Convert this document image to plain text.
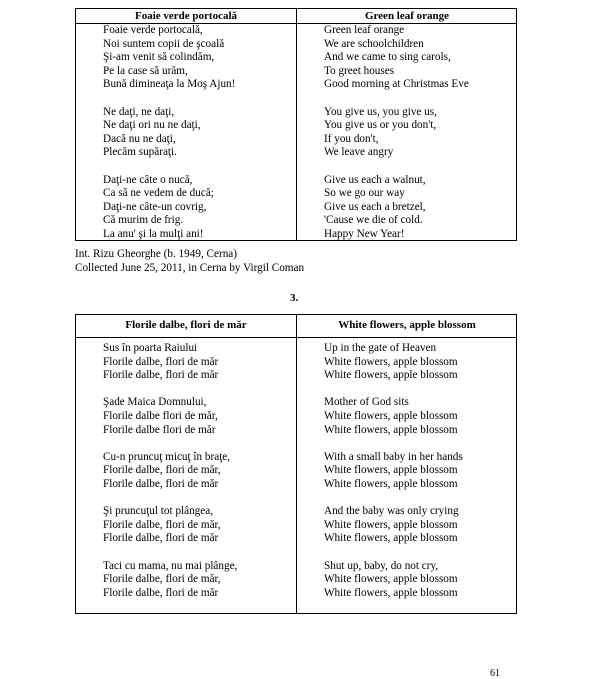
Foaie verde portocală	Green leaf orange
Foaie verde portocală,
Noi suntem copii de şcoală
Şi-am venit să colindăm,
Pe la case să urăm,
Bună dimineaţa la Moş Ajun!
Ne daţi, ne daţi,
Ne daţi ori nu ne daţi,
Dacă nu ne daţi,
Plecăm supăraţi.
Daţi-ne câte o nucă,
Ca să ne vedem de ducă;
Daţi-ne câte-un covrig,
Că murim de frig.
La anu' şi la mulţi ani!
Green leaf orange
We are schoolchildren
And we came to sing carols,
To greet houses
Good morning at Christmas Eve
You give us, you give us,
You give us or you don't,
If you don't,
We leave angry
Give us each a walnut,
So we go our way
Give us each a bretzel,
'Cause we die of cold.
Happy New Year!
Int. Rizu Gheorghe (b. 1949, Cerna)
Collected June 25, 2011, in Cerna by Virgil Coman
3.
Florile dalbe, flori de măr	White flowers, apple blossom
Sus în poarta Raiului
Florile dalbe, flori de măr
Florile dalbe, flori de măr
Şade Maica Domnului,
Florile dalbe flori de măr,
Florile dalbe flori de măr
Cu-n pruncuţ micuţ în braţe,
Florile dalbe, flori de măr,
Florile dalbe, flori de măr
Şi pruncuţul tot plângea,
Florile dalbe, flori de măr,
Florile dalbe, flori de măr
Taci cu mama, nu mai plânge,
Florile dalbe, flori de măr,
Florile dalbe, flori de măr
Up in the gate of Heaven
White flowers, apple blossom
White flowers, apple blossom
Mother of God sits
White flowers, apple blossom
White flowers, apple blossom
With a small baby in her hands
White flowers, apple blossom
White flowers, apple blossom
And the baby was only crying
White flowers, apple blossom
White flowers, apple blossom
Shut up, baby, do not cry,
White flowers, apple blossom
White flowers, apple blossom
61
